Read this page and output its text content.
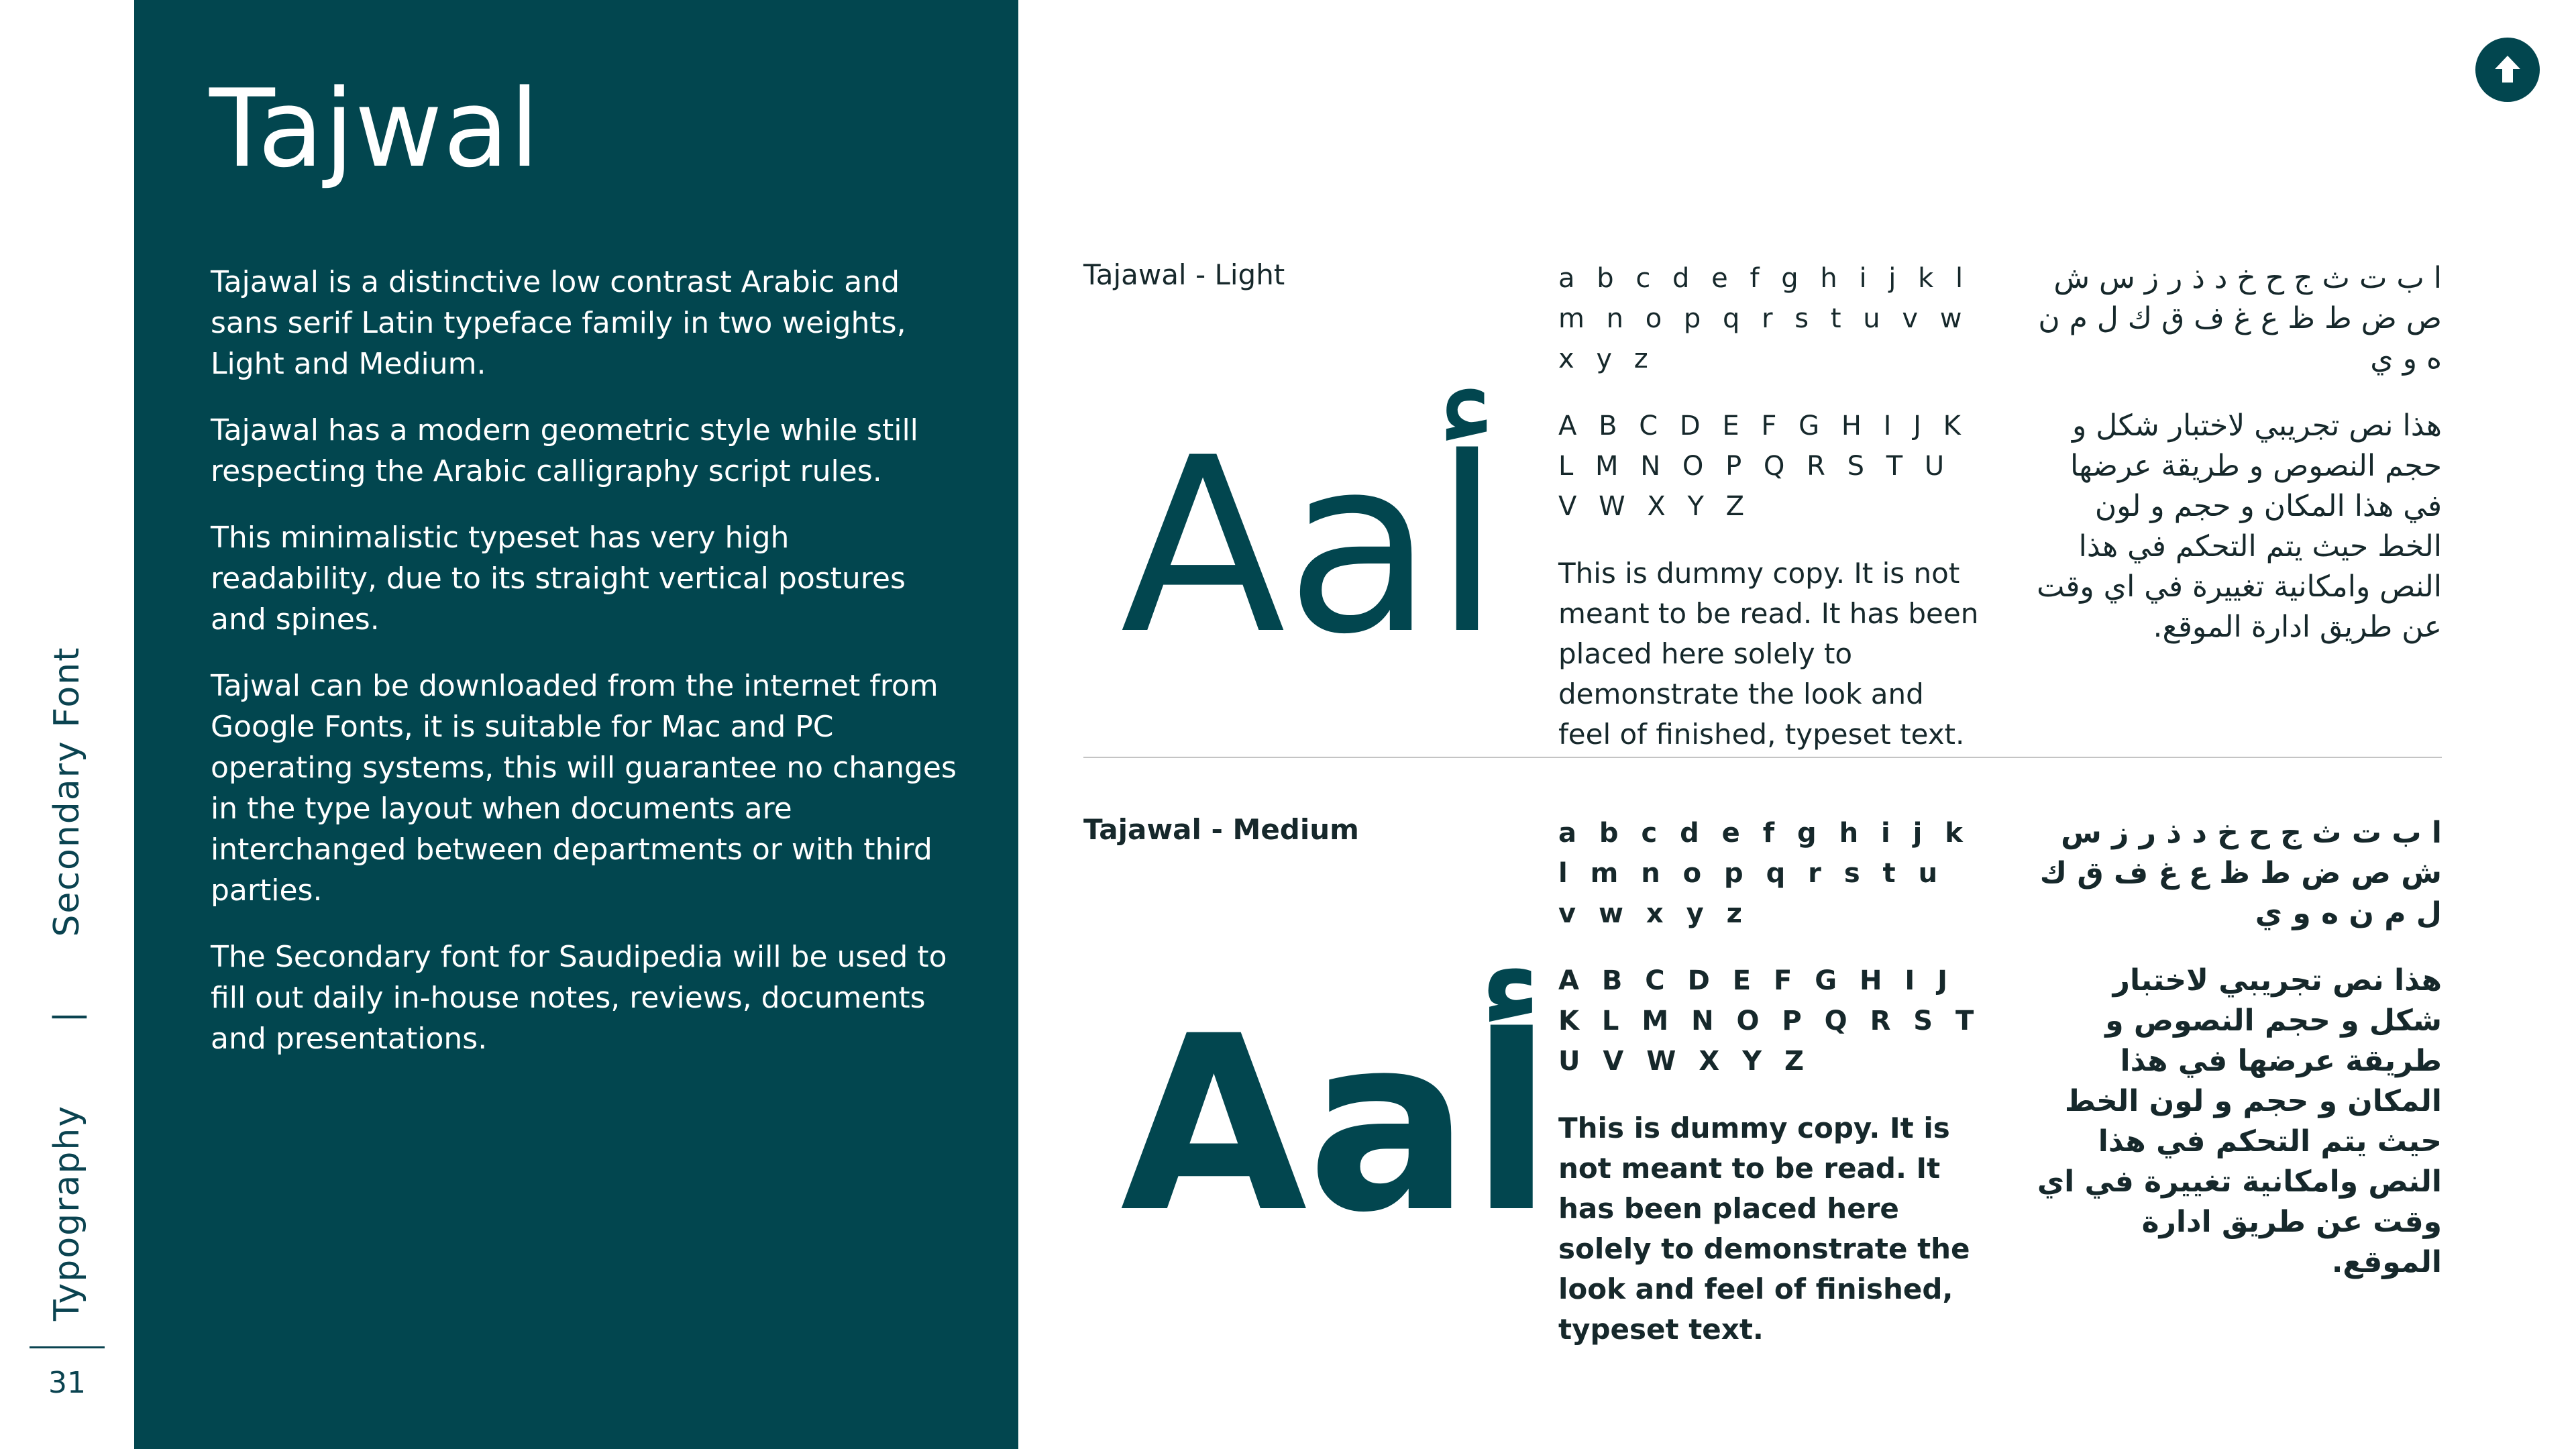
Secondary Font
|
Typography
31
Tajwal

Tajawal is a distinctive low contrast Arabic and sans serif Latin typeface family in two weights, Light and Medium.

Tajawal has a modern geometric style while still respecting the Arabic calligraphy script rules.

This minimalistic typeset has very high readability, due to its straight vertical postures and spines.

Tajwal can be downloaded from the internet from Google Fonts, it is suitable for Mac and PC operating systems, this will guarantee no changes in the type layout when documents are interchanged between departments or with third parties.

The Secondary font for Saudipedia will be used to fill out daily in-house notes, reviews, documents and presentations.

Tajawal - Light
Aaأ

a b c d e f g h i j k l m n o p q r s t u v w x y z

A B C D E F G H I J K L M N O P Q R S T U V W X Y Z

This is dummy copy. It is not meant to be read. It has been placed here solely to demonstrate the look and feel of finished, typeset text.

ا ب ت ث ج ح خ د ذ ر ز س ش ص ض ط ظ ع غ ف ق ك ل م ن ه و ي

هذا نص تجريبي لاختبار شكل و حجم النصوص و طريقة عرضها في هذا المكان و حجم و لون الخط حيث يتم التحكم في هذا النص وامكانية تغييرة في اي وقت عن طريق ادارة الموقع.

Tajawal - Medium
Aaأ

a b c d e f g h i j k l m n o p q r s t u v w x y z

A B C D E F G H I J K L M N O P Q R S T U V W X Y Z

This is dummy copy. It is not meant to be read. It has been placed here solely to demonstrate the look and feel of finished, typeset text.

ا ب ت ث ج ح خ د ذ ر ز س ش ص ض ط ظ ع غ ف ق ك ل م ن ه و ي

هذا نص تجريبي لاختبار شكل و حجم النصوص و طريقة عرضها في هذا المكان و حجم و لون الخط حيث يتم التحكم في هذا النص وامكانية تغييرة في اي وقت عن طريق ادارة الموقع.
